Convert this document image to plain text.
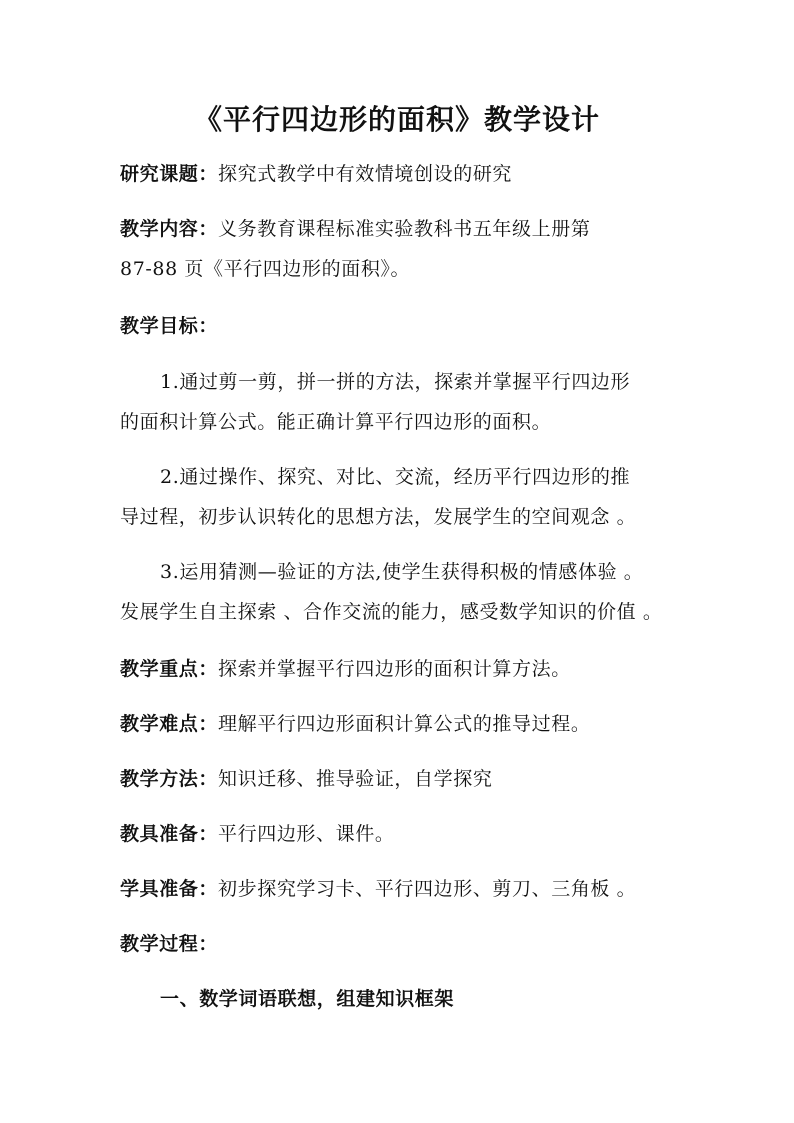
《平行四边形的面积》教学设计
研究课题：探究式教学中有效情境创设的研究
教学内容：义务教育课程标准实验教科书五年级上册第
87-88 页《平行四边形的面积》。
教学目标：
1.通过剪一剪，拼一拼的方法，探索并掌握平行四边形
的面积计算公式。能正确计算平行四边形的面积。
2.通过操作、探究、对比、交流，经历平行四边形的推
导过程，初步认识转化的思想方法，发展学生的空间观念 。
3.运用猜测—验证的方法,使学生获得积极的情感体验 。
发展学生自主探索 、合作交流的能力，感受数学知识的价值 。
教学重点：探索并掌握平行四边形的面积计算方法。
教学难点：理解平行四边形面积计算公式的推导过程。
教学方法：知识迁移、推导验证，自学探究
教具准备：平行四边形、课件。
学具准备：初步探究学习卡、平行四边形、剪刀、三角板 。
教学过程：
一、数学词语联想，组建知识框架
